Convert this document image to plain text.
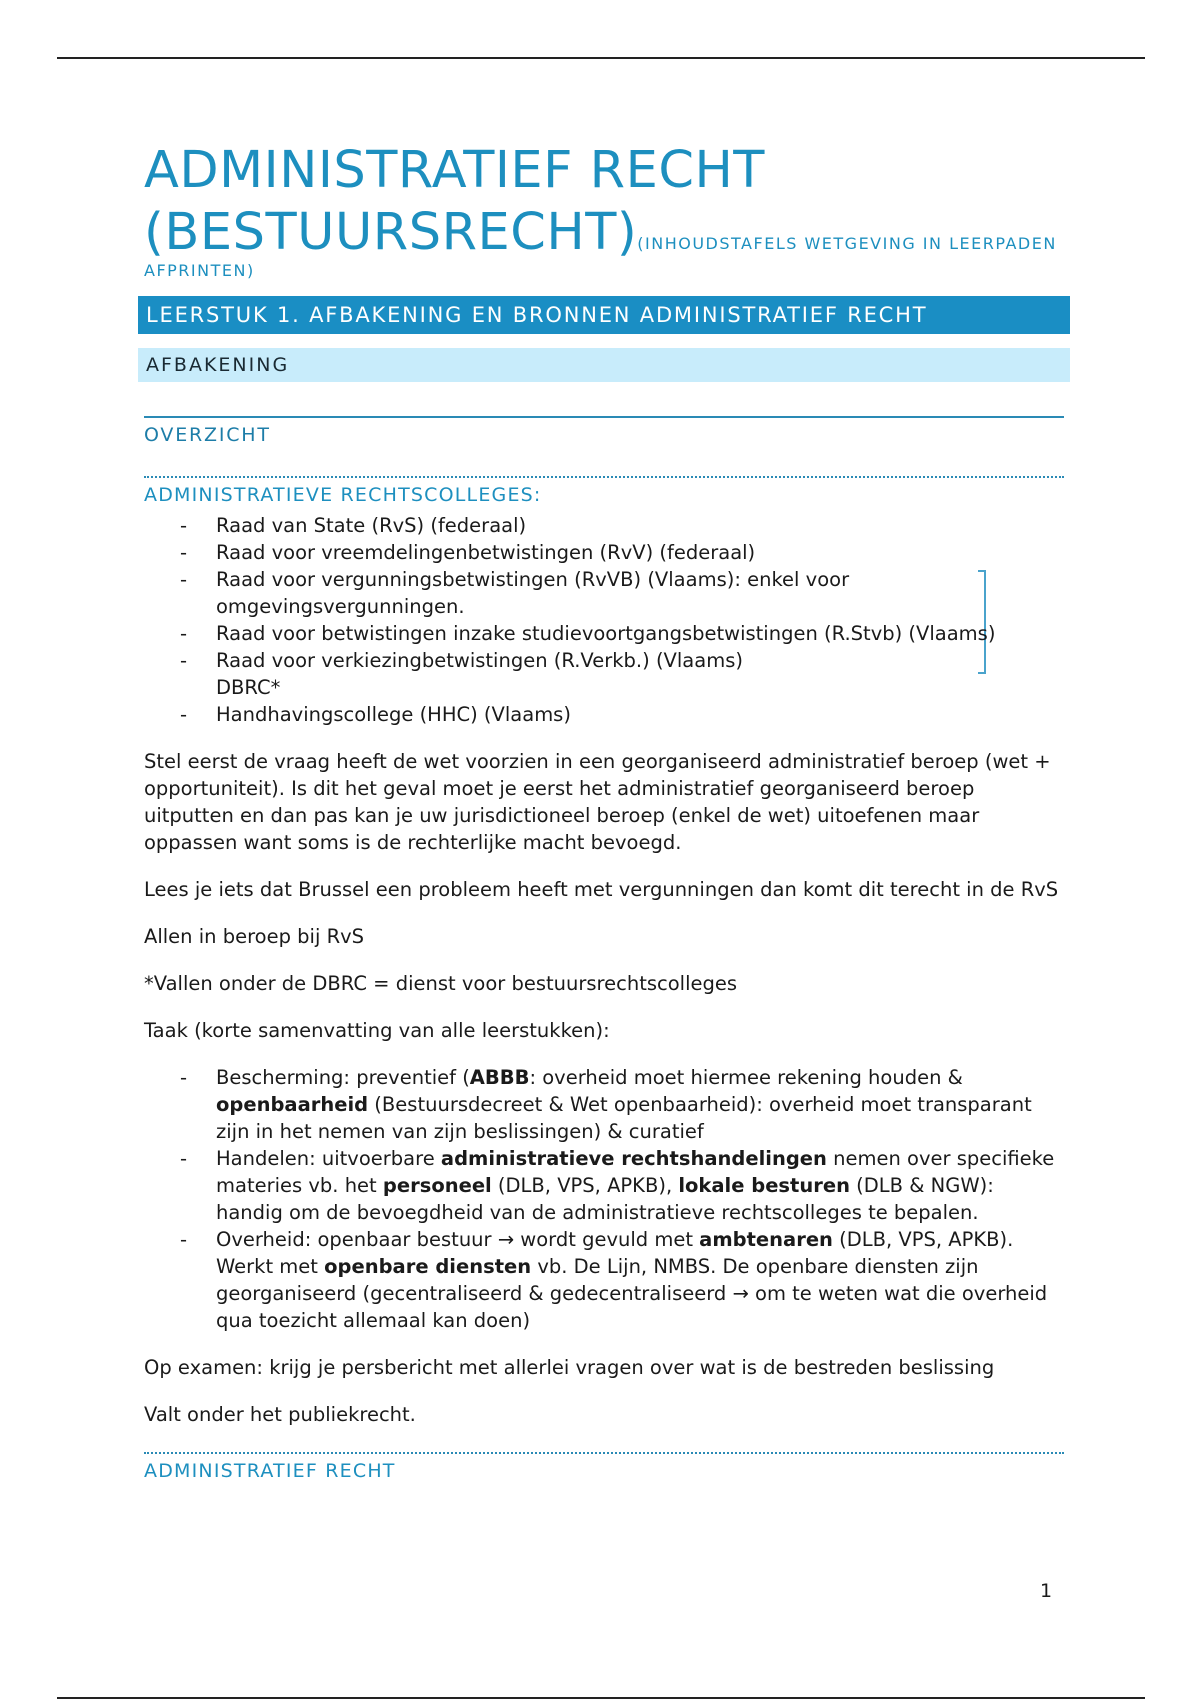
ADMINISTRATIEF RECHT
(BESTUURSRECHT)(INHOUDSTAFELS WETGEVING IN LEERPADEN
AFPRINTEN)
LEERSTUK 1. AFBAKENING EN BRONNEN ADMINISTRATIEF RECHT
AFBAKENING
OVERZICHT
ADMINISTRATIEVE RECHTSCOLLEGES:
- Raad van State (RvS) (federaal)
- Raad voor vreemdelingenbetwistingen (RvV) (federaal)
- Raad voor vergunningsbetwistingen (RvVB) (Vlaams): enkel voor omgevingsvergunningen.
- Raad voor betwistingen inzake studievoortgangsbetwistingen (R.Stvb) (Vlaams)
- Raad voor verkiezingbetwistingen (R.Verkb.) (Vlaams)
DBRC*
- Handhavingscollege (HHC) (Vlaams)

Stel eerst de vraag heeft de wet voorzien in een georganiseerd administratief beroep (wet + opportuniteit). Is dit het geval moet je eerst het administratief georganiseerd beroep uitputten en dan pas kan je uw jurisdictioneel beroep (enkel de wet) uitoefenen maar oppassen want soms is de rechterlijke macht bevoegd.

Lees je iets dat Brussel een probleem heeft met vergunningen dan komt dit terecht in de RvS

Allen in beroep bij RvS

*Vallen onder de DBRC = dienst voor bestuursrechtscolleges

Taak (korte samenvatting van alle leerstukken):

- Bescherming: preventief (ABBB: overheid moet hiermee rekening houden & openbaarheid (Bestuursdecreet & Wet openbaarheid): overheid moet transparant zijn in het nemen van zijn beslissingen) & curatief
- Handelen: uitvoerbare administratieve rechtshandelingen nemen over specifieke materies vb. het personeel (DLB, VPS, APKB), lokale besturen (DLB & NGW): handig om de bevoegdheid van de administratieve rechtscolleges te bepalen.
- Overheid: openbaar bestuur → wordt gevuld met ambtenaren (DLB, VPS, APKB). Werkt met openbare diensten vb. De Lijn, NMBS. De openbare diensten zijn georganiseerd (gecentraliseerd & gedecentraliseerd → om te weten wat die overheid qua toezicht allemaal kan doen)

Op examen: krijg je persbericht met allerlei vragen over wat is de bestreden beslissing

Valt onder het publiekrecht.

ADMINISTRATIEF RECHT
1
